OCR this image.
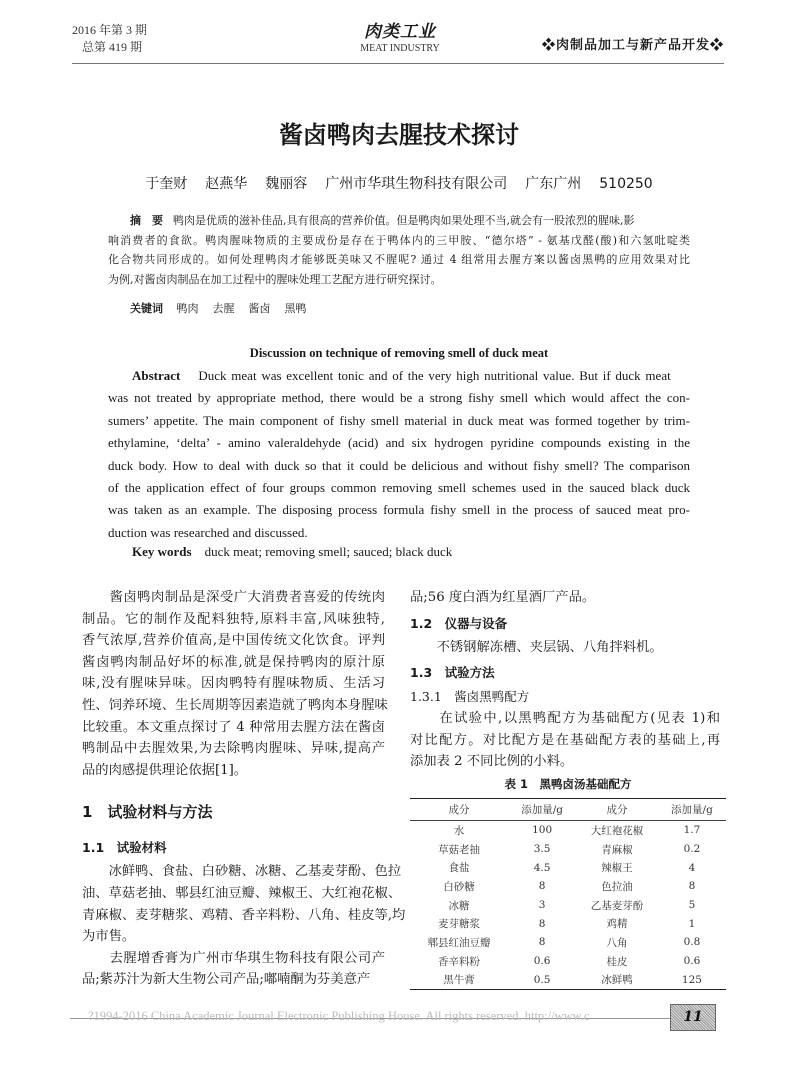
2016 年第 3 期
总第 419 期
肉类工业
MEAT INDUSTRY	❖肉制品加工与新产品开发❖
酱卤鸭肉去腥技术探讨
于奎财 赵燕华 魏丽容 广州市华琪生物科技有限公司 广东广州 510250
摘　要 鸭肉是优质的滋补佳品,具有很高的营养价值。但是鸭肉如果处理不当,就会有一股浓烈的腥味,影
响消费者的食欲。鸭肉腥味物质的主要成份是存在于鸭体内的三甲胺、“德尔塔” - 氨基戊醛(酸)和六氢吡啶类
化合物共同形成的。如何处理鸭肉才能够既美味又不腥呢? 通过 4 组常用去腥方案以酱卤黑鸭的应用效果对比
为例,对酱卤肉制品在加工过程中的腥味处理工艺配方进行研究探讨。
关键词 鸭肉 去腥 酱卤 黑鸭
Discussion on technique of removing smell of duck meat
Abstract Duck meat was excellent tonic and of the very high nutritional value. But if duck meat
was not treated by appropriate method, there would be a strong fishy smell which would affect the con-
sumers’ appetite. The main component of fishy smell material in duck meat was formed together by trim-
ethylamine, ‘delta’ - amino valeraldehyde (acid) and six hydrogen pyridine compounds existing in the
duck body. How to deal with duck so that it could be delicious and without fishy smell? The comparison
of the application effect of four groups common removing smell schemes used in the sauced black duck
was taken as an example. The disposing process formula fishy smell in the process of sauced meat pro-
duction was researched and discussed.
Key words duck meat; removing smell; sauced; black duck
　　酱卤鸭肉制品是深受广大消费者喜爱的传统肉
制品。它的制作及配料独特,原料丰富,风味独特,
香气浓厚,营养价值高,是中国传统文化饮食。评判
酱卤鸭肉制品好坏的标准,就是保持鸭肉的原汁原
味,没有腥味异味。因肉鸭特有腥味物质、生活习
性、饲养环境、生长周期等因素造就了鸭肉本身腥味
比较重。本文重点探讨了 4 种常用去腥方法在酱卤
鸭制品中去腥效果,为去除鸭肉腥味、异味,提高产
品的肉感提供理论依据[1]。
1　试验材料与方法
1.1　试验材料
　　冰鲜鸭、食盐、白砂糖、冰糖、乙基麦芽酚、色拉
油、草菇老抽、郫县红油豆瓣、辣椒王、大红袍花椒、
青麻椒、麦芽糖浆、鸡精、香辛料粉、八角、桂皮等,均
为市售。
　　去腥增香膏为广州市华琪生物科技有限公司产
品;紫苏汁为新大生物公司产品;嘟喃酮为芬美意产
品;56 度白酒为红星酒厂产品。
1.2　仪器与设备
　　不锈钢解冻槽、夹层锅、八角拌料机。
1.3　试验方法
1.3.1　酱卤黑鸭配方
　　在试验中,以黑鸭配方为基础配方(见表 1)和
对比配方。对比配方是在基础配方表的基础上,再
添加表 2 不同比例的小料。
表 1　黑鸭卤汤基础配方
成分	添加量/g	成分	添加量/g
水	100	大红袍花椒	1.7
草菇老抽	3.5	青麻椒	0.2
食盐	4.5	辣椒王	4
白砂糖	8	色拉油	8
冰糖	3	乙基麦芽酚	5
麦芽糖浆	8	鸡精	1
郫县红油豆瓣	8	八角	0.8
香辛料粉	0.6	桂皮	0.6
黑牛膏	0.5	冰鲜鸭	125
?1994-2016 China Academic Journal Electronic Publishing House. All rights reserved. http://www.c	11
